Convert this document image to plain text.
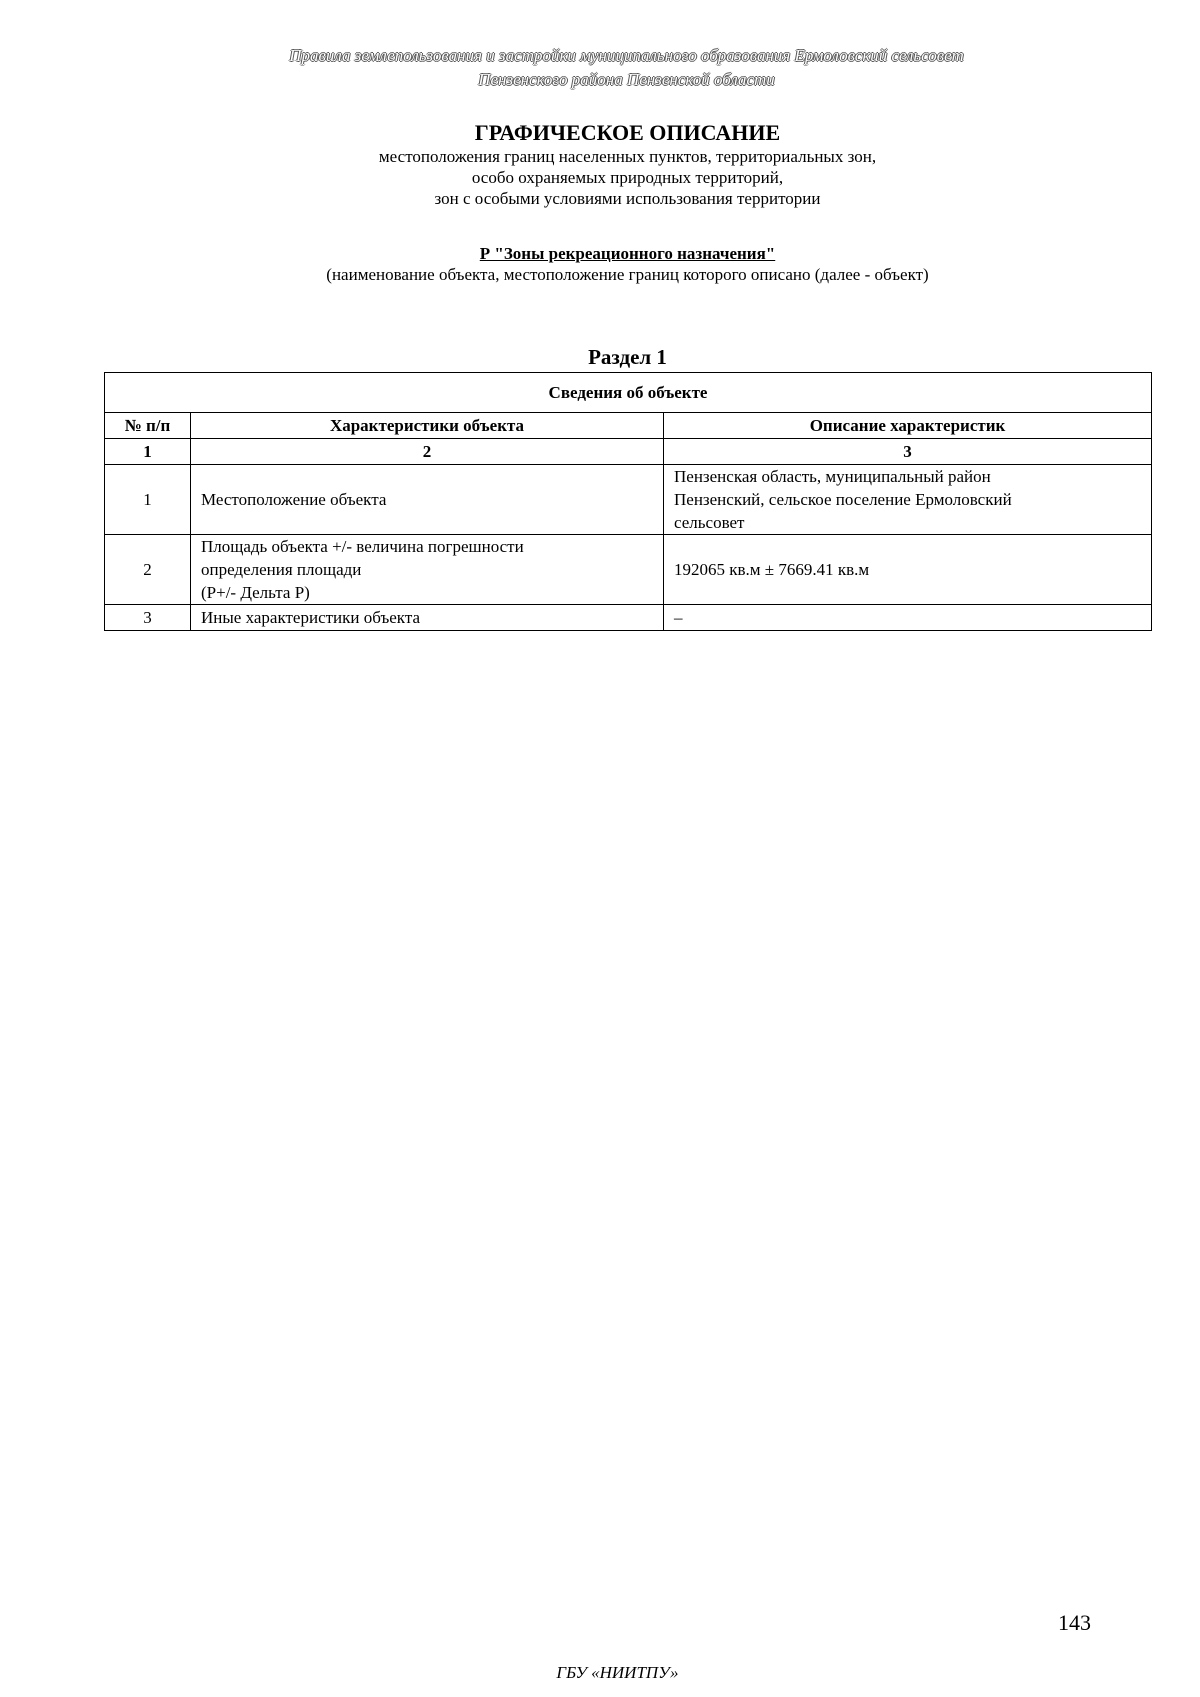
Правила землепользования и застройки муниципального образования Ермоловский сельсовет
Пензенского района Пензенской области
ГРАФИЧЕСКОЕ ОПИСАНИЕ
местоположения границ населенных пунктов, территориальных зон,
особо охраняемых природных территорий,
зон с особыми условиями использования территории
Р "Зоны рекреационного назначения"
(наименование объекта, местоположение границ которого описано (далее - объект)
Раздел 1
Сведения об объекте		
№ п/п	Характеристики объекта	Описание характеристик
1	2	3
1	Местоположение объекта	Пензенская область, муниципальный район
Пензенский, сельское поселение Ермоловский
сельсовет

2	Площадь объекта +/- величина погрешности
определения площади
(Р+/- Дельта Р)	192065 кв.м ± 7669.41 кв.м

3	Иные характеристики объекта	–
143
ГБУ «НИИТПУ»
